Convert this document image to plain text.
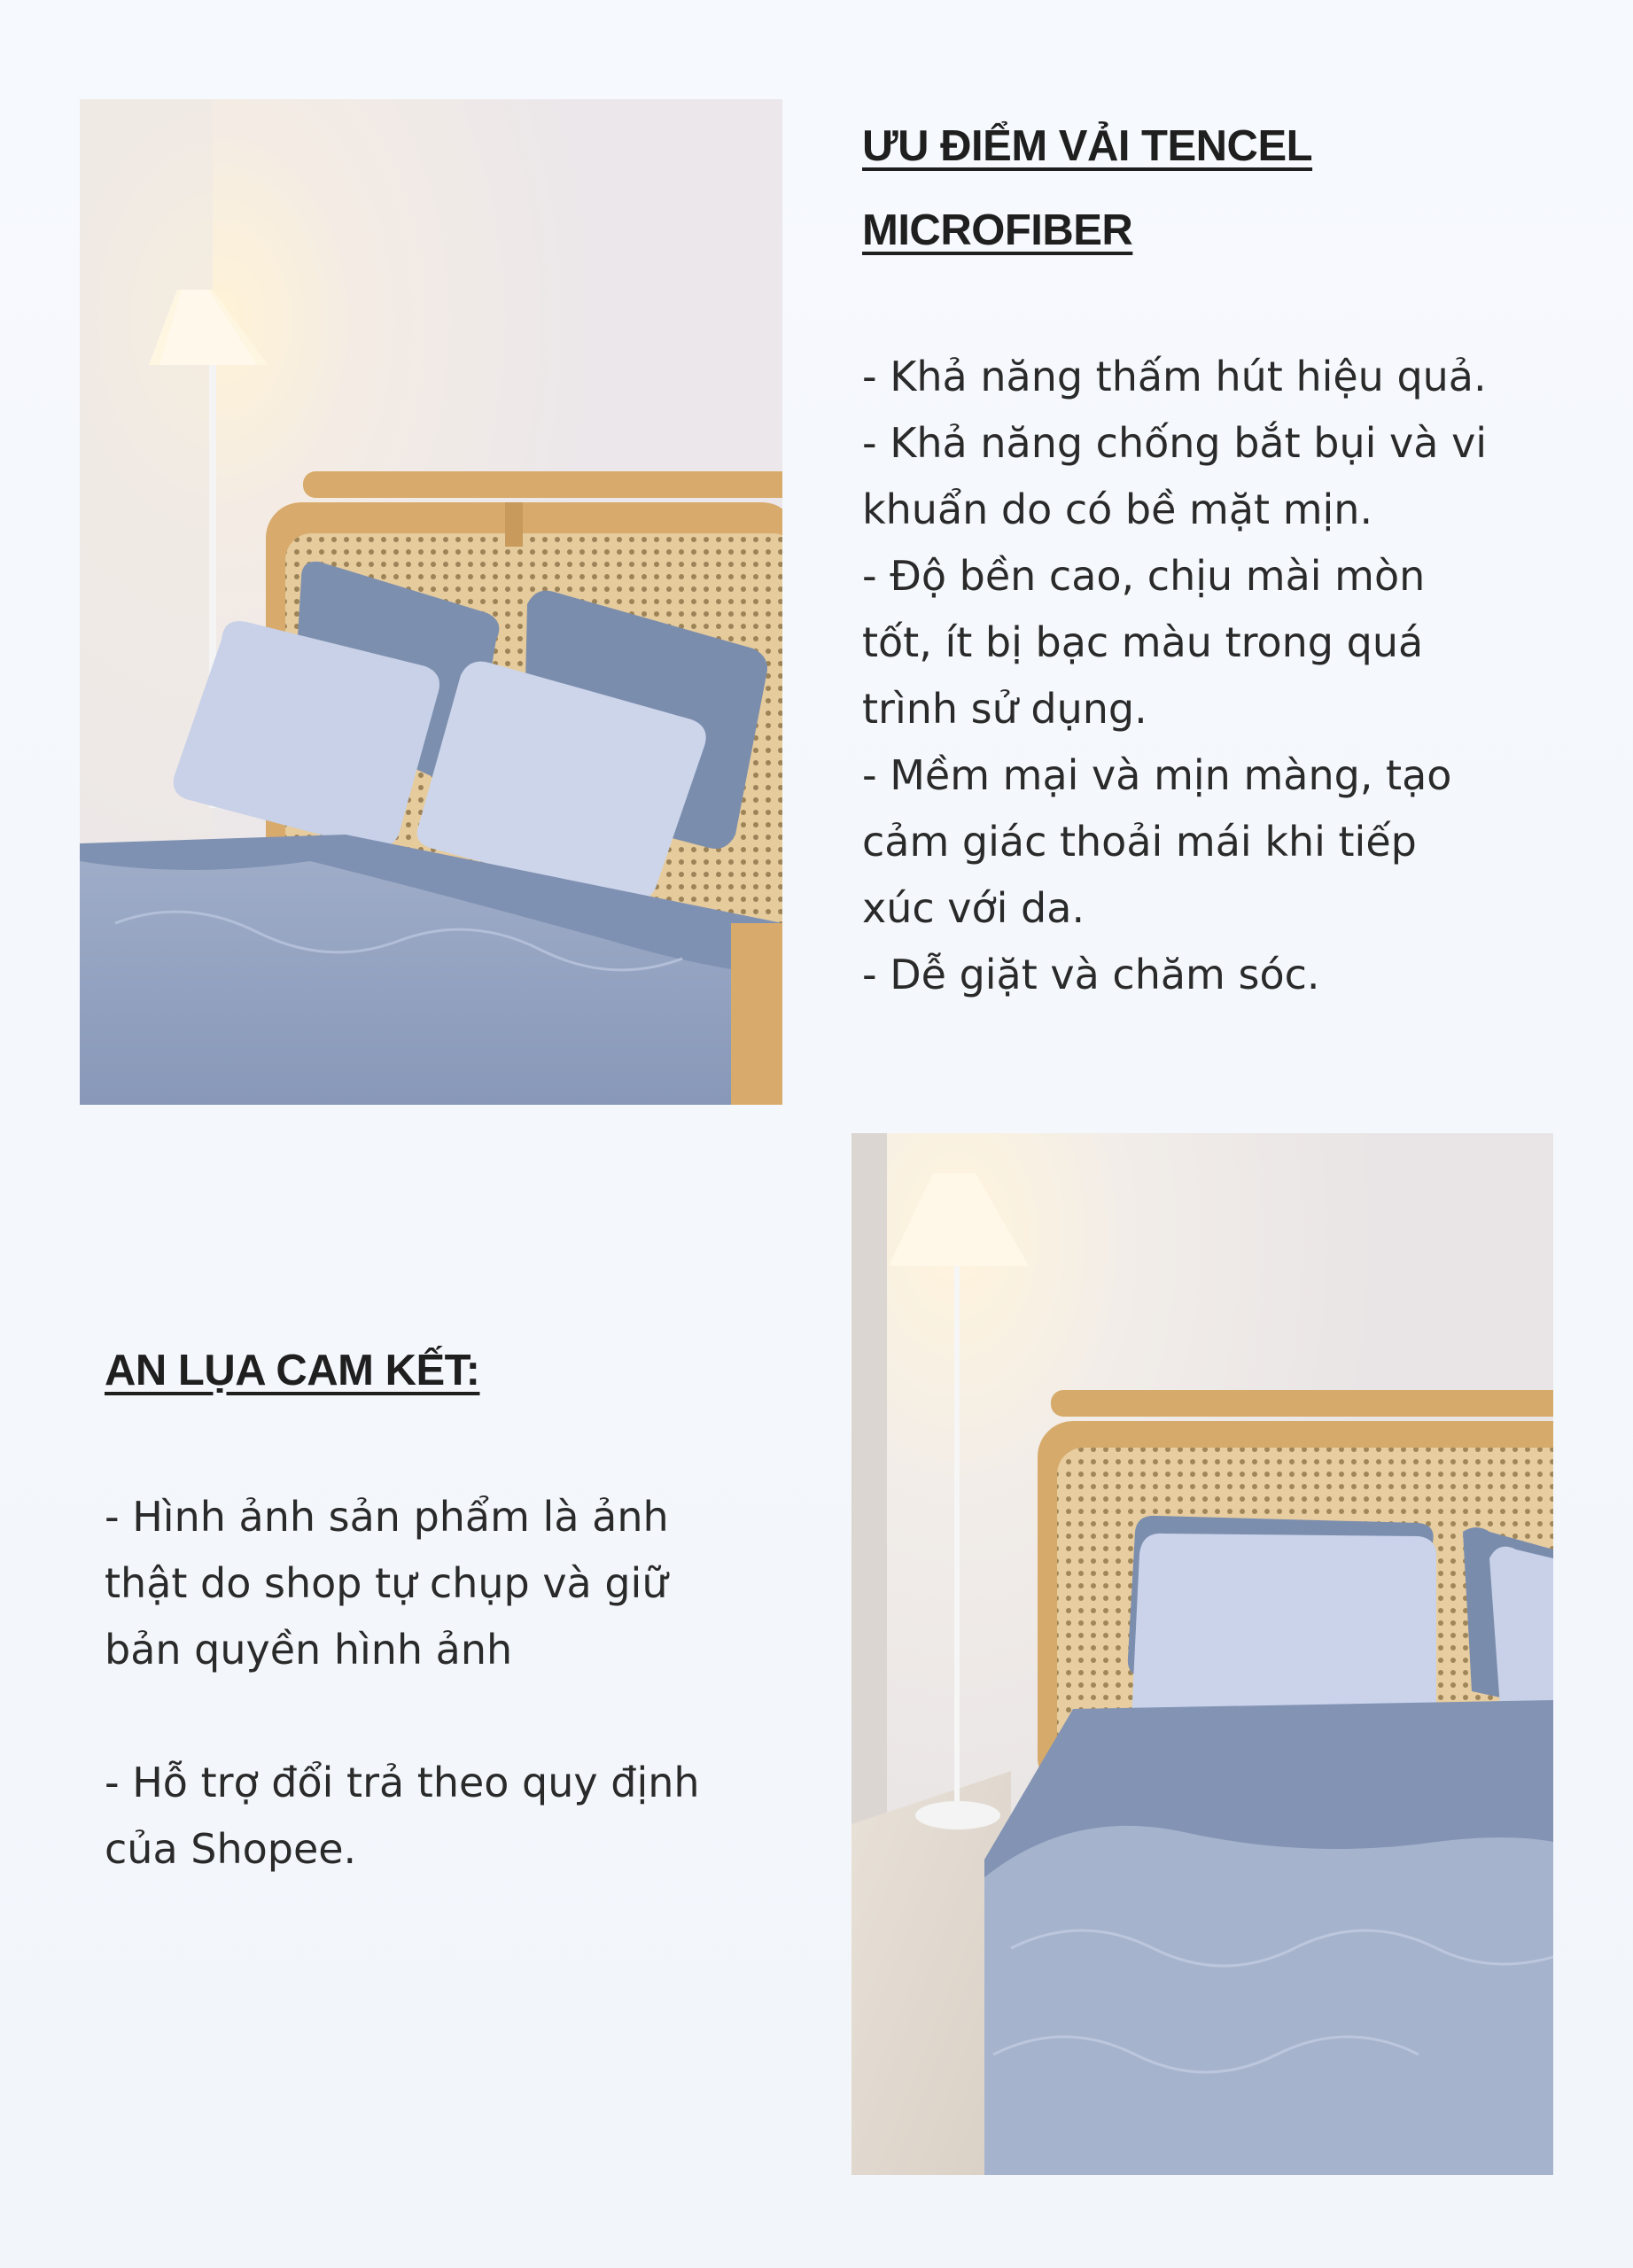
ƯU ĐIỂM VẢI TENCEL
MICROFIBER
- Khả năng thấm hút hiệu quả.
- Khả năng chống bắt bụi và vi
khuẩn do có bề mặt mịn.
- Độ bền cao, chịu mài mòn
tốt, ít bị bạc màu trong quá
trình sử dụng.
- Mềm mại và mịn màng, tạo
cảm giác thoải mái khi tiếp
xúc với da.
- Dễ giặt và chăm sóc.
AN LỤA CAM KẾT:
- Hình ảnh sản phẩm là ảnh
thật do shop tự chụp và giữ
bản quyền hình ảnh
- Hỗ trợ đổi trả theo quy định
của Shopee.
